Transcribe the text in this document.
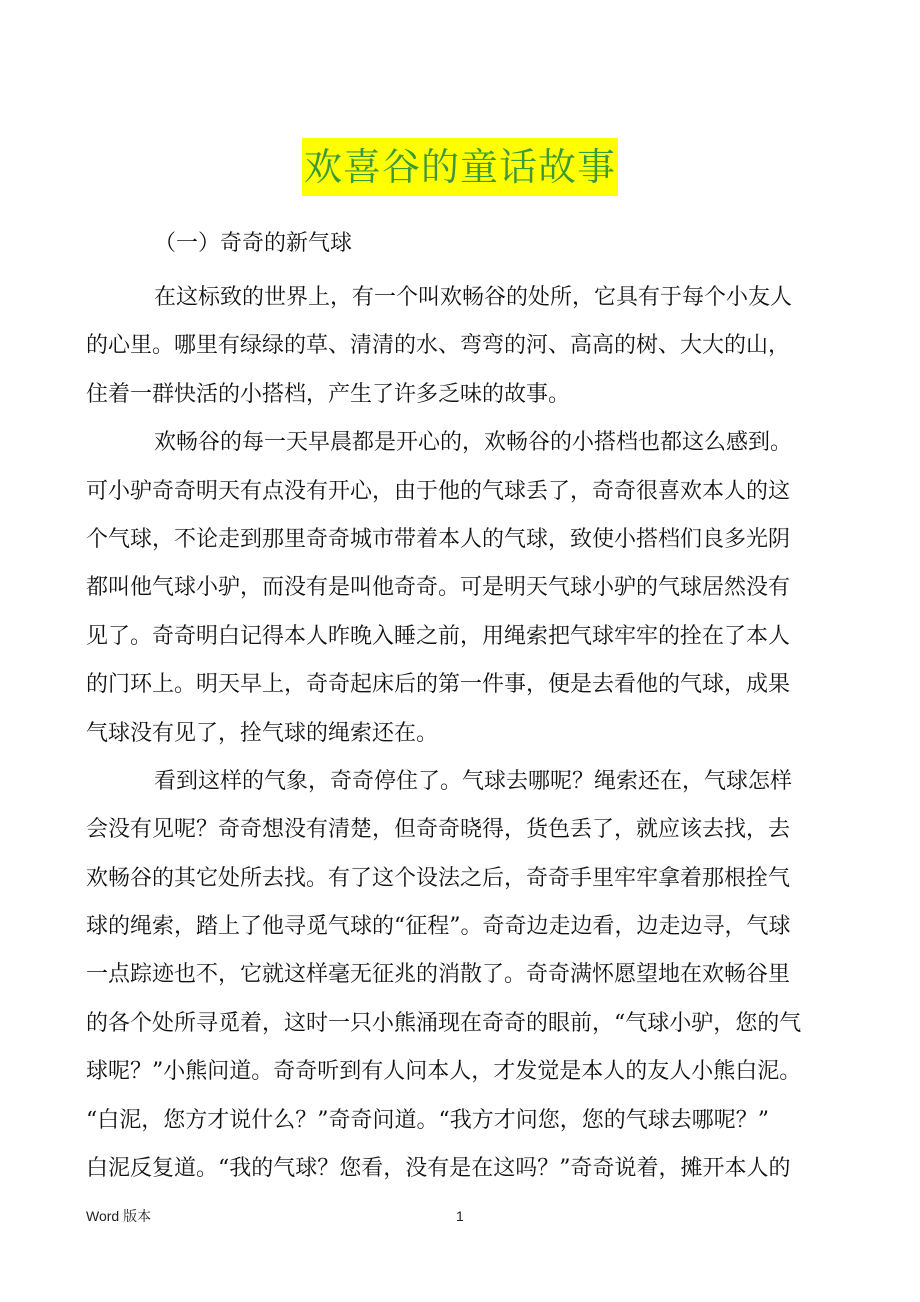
欢喜谷的童话故事
（一）奇奇的新气球
在这标致的世界上，有一个叫欢畅谷的处所，它具有于每个小友人
的心里。哪里有绿绿的草、清清的水、弯弯的河、高高的树、大大的山，
住着一群快活的小搭档，产生了许多乏味的故事。
欢畅谷的每一天早晨都是开心的，欢畅谷的小搭档也都这么感到。
可小驴奇奇明天有点没有开心，由于他的气球丢了，奇奇很喜欢本人的这
个气球，不论走到那里奇奇城市带着本人的气球，致使小搭档们良多光阴
都叫他气球小驴，而没有是叫他奇奇。可是明天气球小驴的气球居然没有
见了。奇奇明白记得本人昨晚入睡之前，用绳索把气球牢牢的拴在了本人
的门环上。明天早上，奇奇起床后的第一件事，便是去看他的气球，成果
气球没有见了，拴气球的绳索还在。
看到这样的气象，奇奇停住了。气球去哪呢？绳索还在，气球怎样
会没有见呢？奇奇想没有清楚，但奇奇晓得，货色丢了，就应该去找，去
欢畅谷的其它处所去找。有了这个设法之后，奇奇手里牢牢拿着那根拴气
球的绳索，踏上了他寻觅气球的“征程”。奇奇边走边看，边走边寻，气球
一点踪迹也不，它就这样毫无征兆的消散了。奇奇满怀愿望地在欢畅谷里
的各个处所寻觅着，这时一只小熊涌现在奇奇的眼前，“气球小驴，您的气
球呢？”小熊问道。奇奇听到有人问本人，才发觉是本人的友人小熊白泥。
“白泥，您方才说什么？”奇奇问道。“我方才问您，您的气球去哪呢？”
白泥反复道。“我的气球？您看，没有是在这吗？”奇奇说着，摊开本人的
Word 版本	1
